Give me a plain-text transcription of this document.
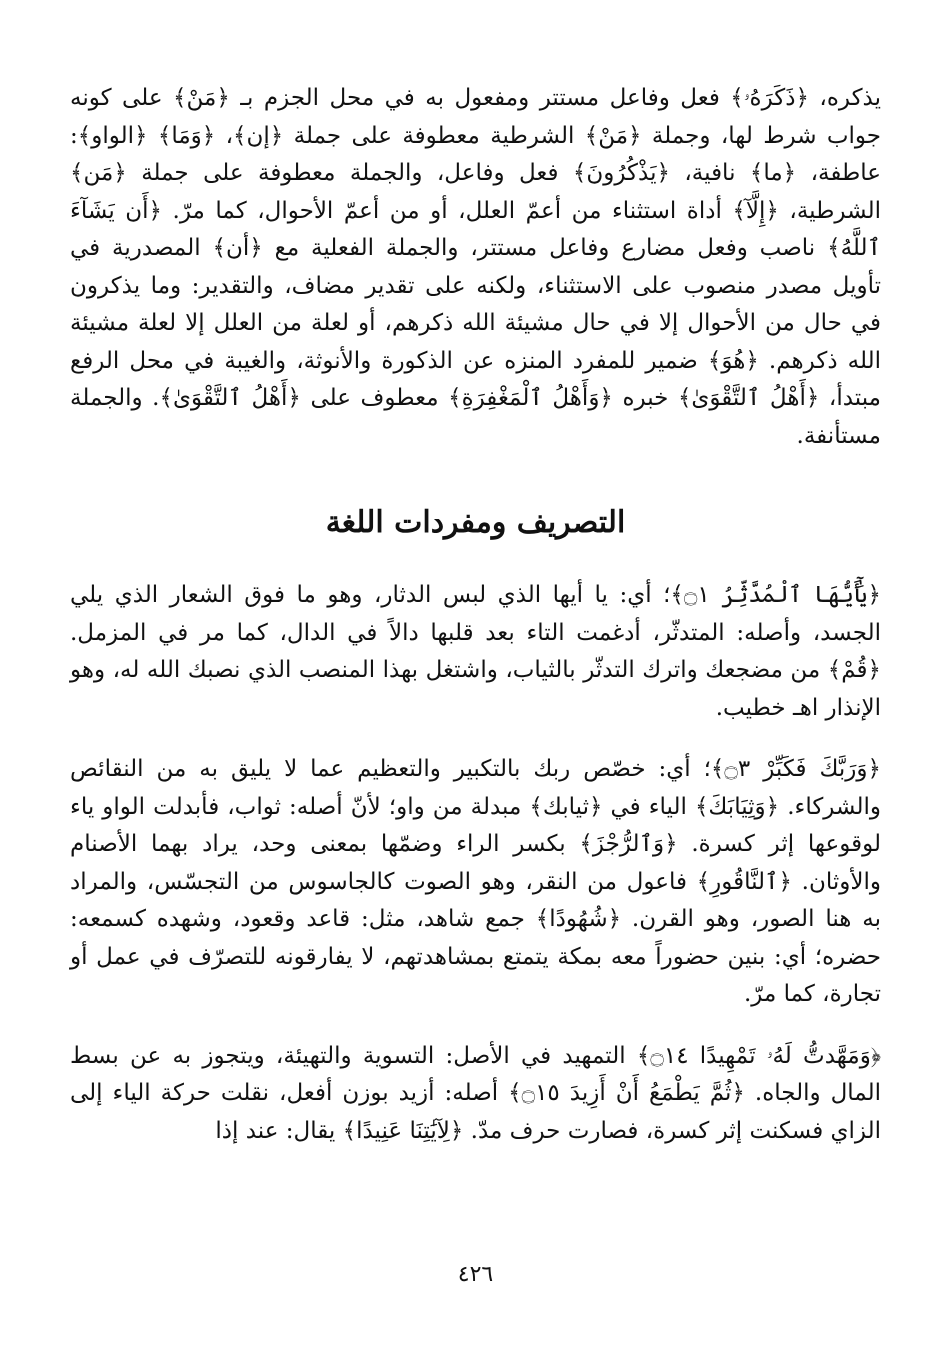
يذكره، ﴿ذَكَرَهُۥ﴾ فعل وفاعل مستتر ومفعول به في محل الجزم بـ ﴿مَنْ﴾ على كونه جواب شرط لها، وجملة ﴿مَنْ﴾ الشرطية معطوفة على جملة ﴿إن﴾، ﴿وَمَا﴾ ﴿الواو﴾: عاطفة، ﴿ما﴾ نافية، ﴿يَذْكُرُونَ﴾ فعل وفاعل، والجملة معطوفة على جملة ﴿مَن﴾ الشرطية، ﴿إِلَّآ﴾ أداة استثناء من أعمّ العلل، أو من أعمّ الأحوال، كما مرّ. ﴿أَن يَشَآءَ ٱللَّهُ﴾ ناصب وفعل مضارع وفاعل مستتر، والجملة الفعلية مع ﴿أن﴾ المصدرية في تأويل مصدر منصوب على الاستثناء، ولكنه على تقدير مضاف، والتقدير: وما يذكرون في حال من الأحوال إلا في حال مشيئة الله ذكرهم، أو لعلة من العلل إلا لعلة مشيئة الله ذكرهم. ﴿هُوَ﴾ ضمير للمفرد المنزه عن الذكورة والأنوثة، والغيبة في محل الرفع مبتدأ، ﴿أَهْلُ ٱلتَّقْوَىٰ﴾ خبره ﴿وَأَهْلُ ٱلْمَغْفِرَةِ﴾ معطوف على ﴿أَهْلُ ٱلتَّقْوَىٰ﴾. والجملة مستأنفة.

التصريف ومفردات اللغة

﴿يَٰٓأَيُّهَا ٱلْمُدَّثِّرُ ۝١﴾؛ أي: يا أيها الذي لبس الدثار، وهو ما فوق الشعار الذي يلي الجسد، وأصله: المتدثّر، أدغمت التاء بعد قلبها دالاً في الدال، كما مر في المزمل. ﴿قُمْ﴾ من مضجعك واترك التدثّر بالثياب، واشتغل بهذا المنصب الذي نصبك الله له، وهو الإنذار اهـ خطيب.

﴿وَرَبَّكَ فَكَبِّرْ ۝٣﴾؛ أي: خصّص ربك بالتكبير والتعظيم عما لا يليق به من النقائص والشركاء. ﴿وَثِيَابَكَ﴾ الياء في ﴿ثيابك﴾ مبدلة من واو؛ لأنّ أصله: ثواب، فأبدلت الواو ياء لوقوعها إثر كسرة. ﴿وَٱلرُّجْزَ﴾ بكسر الراء وضمّها بمعنى وحد، يراد بهما الأصنام والأوثان. ﴿ٱلنَّاقُورِ﴾ فاعول من النقر، وهو الصوت كالجاسوس من التجسّس، والمراد به هنا الصور، وهو القرن. ﴿شُهُودًا﴾ جمع شاهد، مثل: قاعد وقعود، وشهده كسمعه: حضره؛ أي: بنين حضوراً معه بمكة يتمتع بمشاهدتهم، لا يفارقونه للتصرّف في عمل أو تجارة، كما مرّ.

﴿وَمَهَّدتُّ لَهُۥ تَمْهِيدًا ۝١٤﴾ التمهيد في الأصل: التسوية والتهيئة، ويتجوز به عن بسط المال والجاه. ﴿ثُمَّ يَطْمَعُ أَنْ أَزِيدَ ۝١٥﴾ أصله: أزيد بوزن أفعل، نقلت حركة الياء إلى الزاي فسكنت إثر كسرة، فصارت حرف مدّ. ﴿لِآيَٰتِنَا عَنِيدًا﴾ يقال: عند إذا

٤٢٦
